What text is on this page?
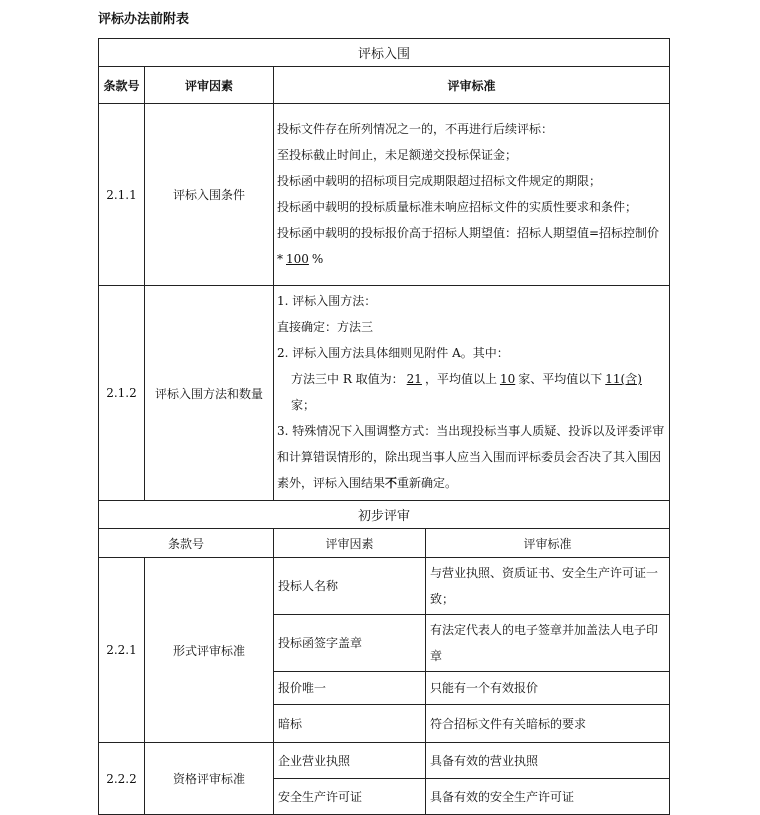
评标办法前附表
评标入围			
条款号	评审因素	评审标准	
2.1.1	评标入围条件	投标文件存在所列情况之一的，不再进行后续评标：
至投标截止时间止，未足额递交投标保证金；
投标函中载明的招标项目完成期限超过招标文件规定的期限；
投标函中载明的投标质量标准未响应招标文件的实质性要求和条件；
投标函中载明的投标报价高于招标人期望值：招标人期望值=招标控制价* 100 %	

2.1.2	评标入围方法和数量	1. 评标入围方法：
直接确定：方法三
2. 评标入围方法具体细则见附件 A。其中：
方法三中 R 取值为： 21 ，平均值以上 10 家、平均值以下 11(含)家；
3. 特殊情况下入围调整方式：当出现投标当事人质疑、投诉以及评委评审和计算错误情形的，除出现当事人应当入围而评标委员会否决了其入围因素外，评标入围结果不重新确定。	

初步评审			
条款号		评审因素	评审标准
2.2.1	形式评审标准	投标人名称	与营业执照、资质证书、安全生产许可证一致；
		投标函签字盖章	有法定代表人的电子签章并加盖法人电子印章
		报价唯一	只能有一个有效报价
		暗标	符合招标文件有关暗标的要求
2.2.2	资格评审标准	企业营业执照	具备有效的营业执照
		安全生产许可证	具备有效的安全生产许可证
